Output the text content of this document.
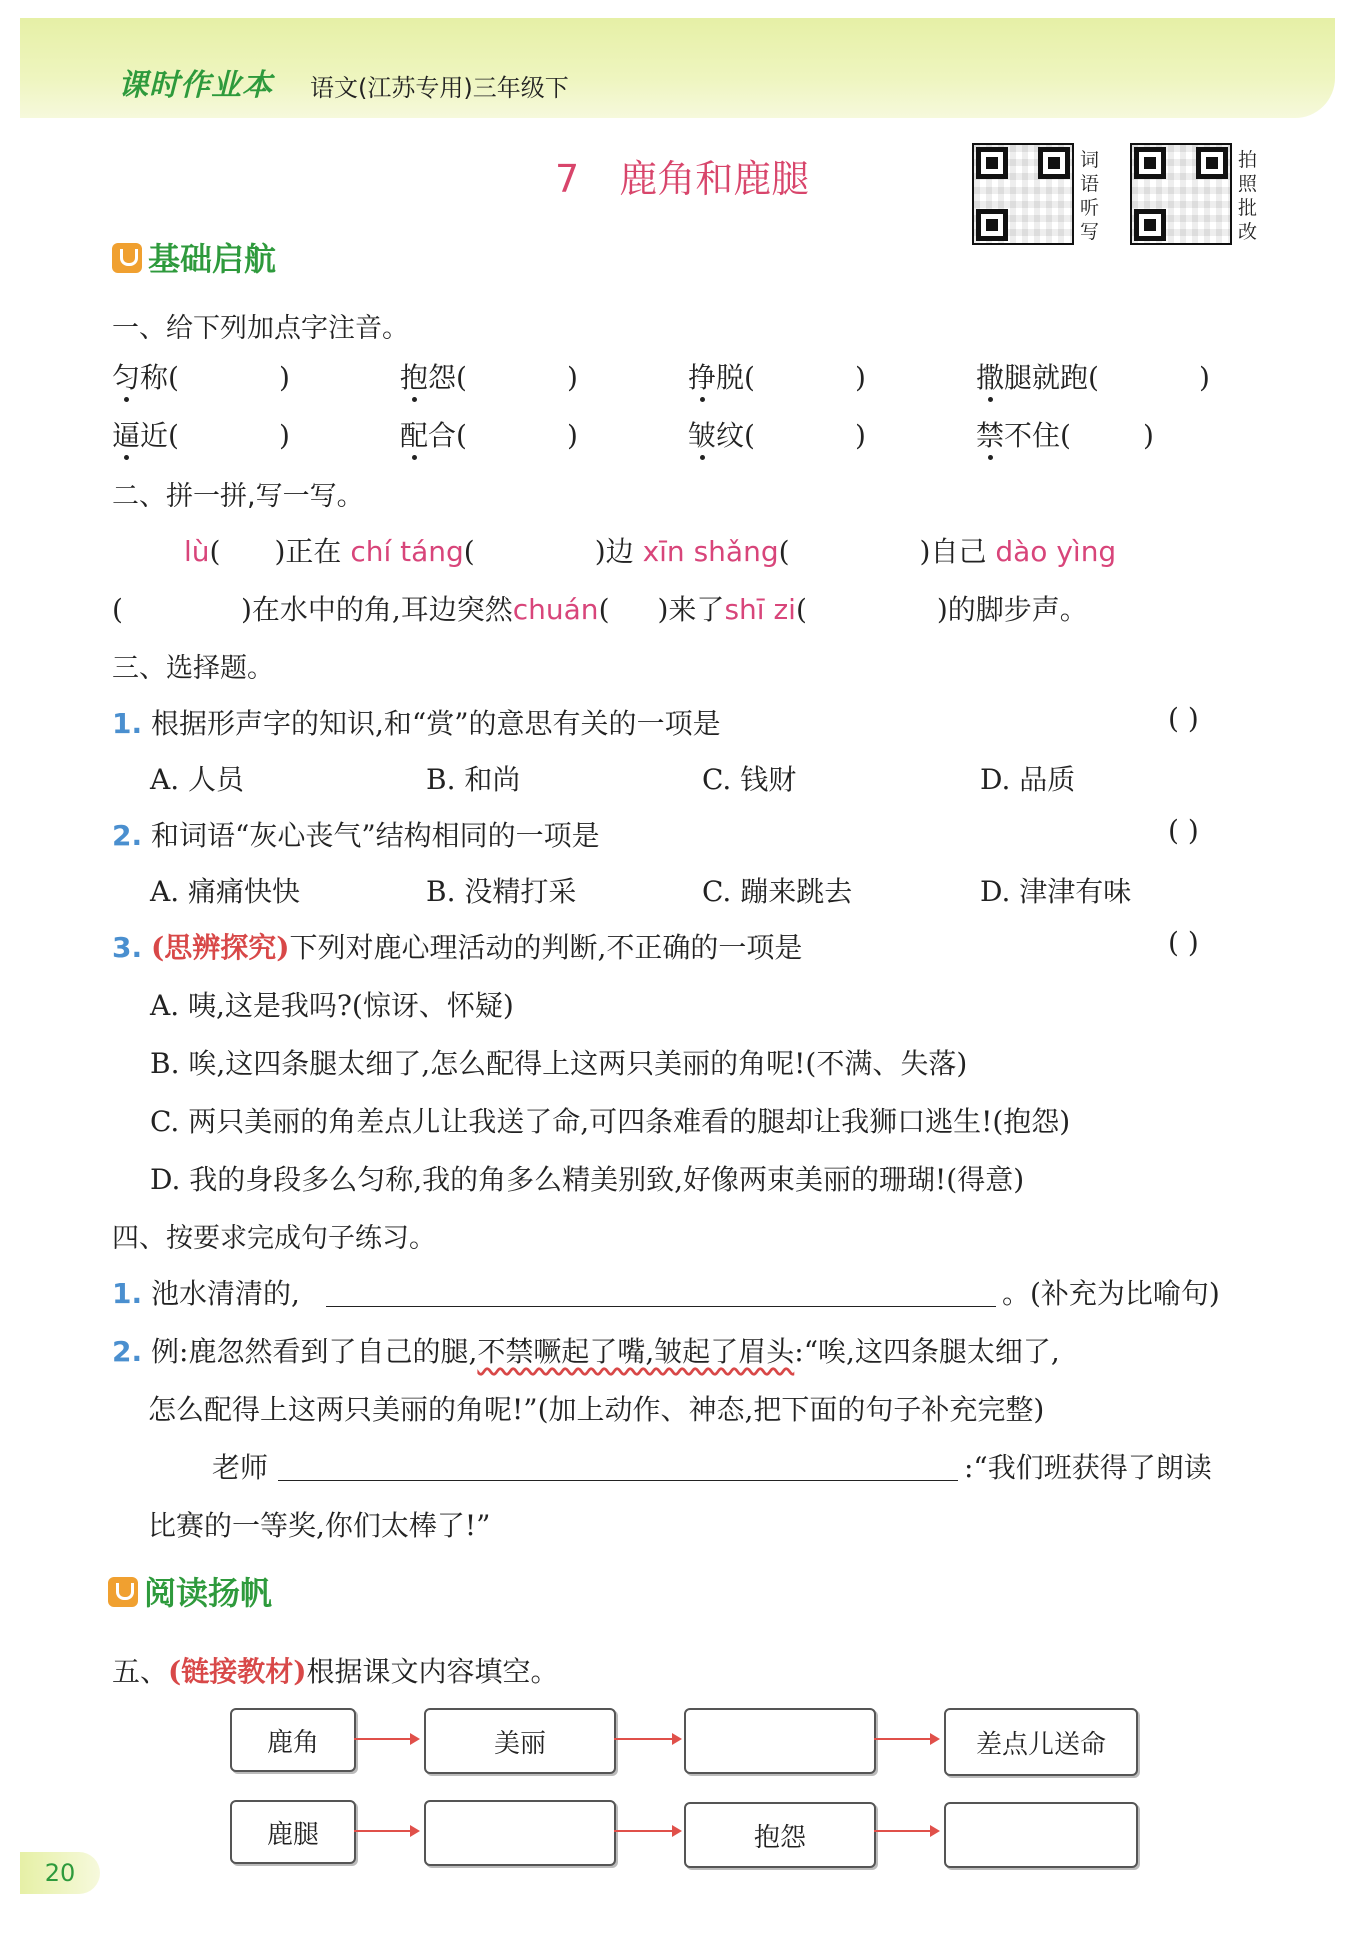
课时作业本 语文(江苏专用)三年级下
7 鹿角和鹿腿	词
语
听
写
拍
照
批
改
基础启航
一、给下列加点字注音。
匀称(	)	抱怨(	)	挣脱(	)	撒腿就跑(	)
逼近(	)	配合(	)	皱纹(	)	禁不住(	)
二、拼一拼,写一写。
lù( )正在 chí táng(	)边 xīn shǎng(	)自己 dào yìng
(	)在水中的角,耳边突然chuán( )来了shī zi(	)的脚步声。
三、选择题。
1. 根据形声字的知识,和“赏”的意思有关的一项是	( )
A. 人员	B. 和尚	C. 钱财	D. 品质
2. 和词语“灰心丧气”结构相同的一项是	( )
A. 痛痛快快	B. 没精打采	C. 蹦来跳去	D. 津津有味
3. (思辨探究)下列对鹿心理活动的判断,不正确的一项是	( )
A. 咦,这是我吗?(惊讶、怀疑)
B. 唉,这四条腿太细了,怎么配得上这两只美丽的角呢!(不满、失落)
C. 两只美丽的角差点儿让我送了命,可四条难看的腿却让我狮口逃生!(抱怨)
D. 我的身段多么匀称,我的角多么精美别致,好像两束美丽的珊瑚!(得意)
四、按要求完成句子练习。
1. 池水清清的,	。(补充为比喻句)
2. 例:鹿忽然看到了自己的腿,不禁噘起了嘴,皱起了眉头:“唉,这四条腿太细了,
怎么配得上这两只美丽的角呢!”(加上动作、神态,把下面的句子补充完整)
老师	:“我们班获得了朗读
比赛的一等奖,你们太棒了!”
阅读扬帆
五、(链接教材)根据课文内容填空。
鹿角	美丽	差点儿送命
鹿腿	抱怨
20
